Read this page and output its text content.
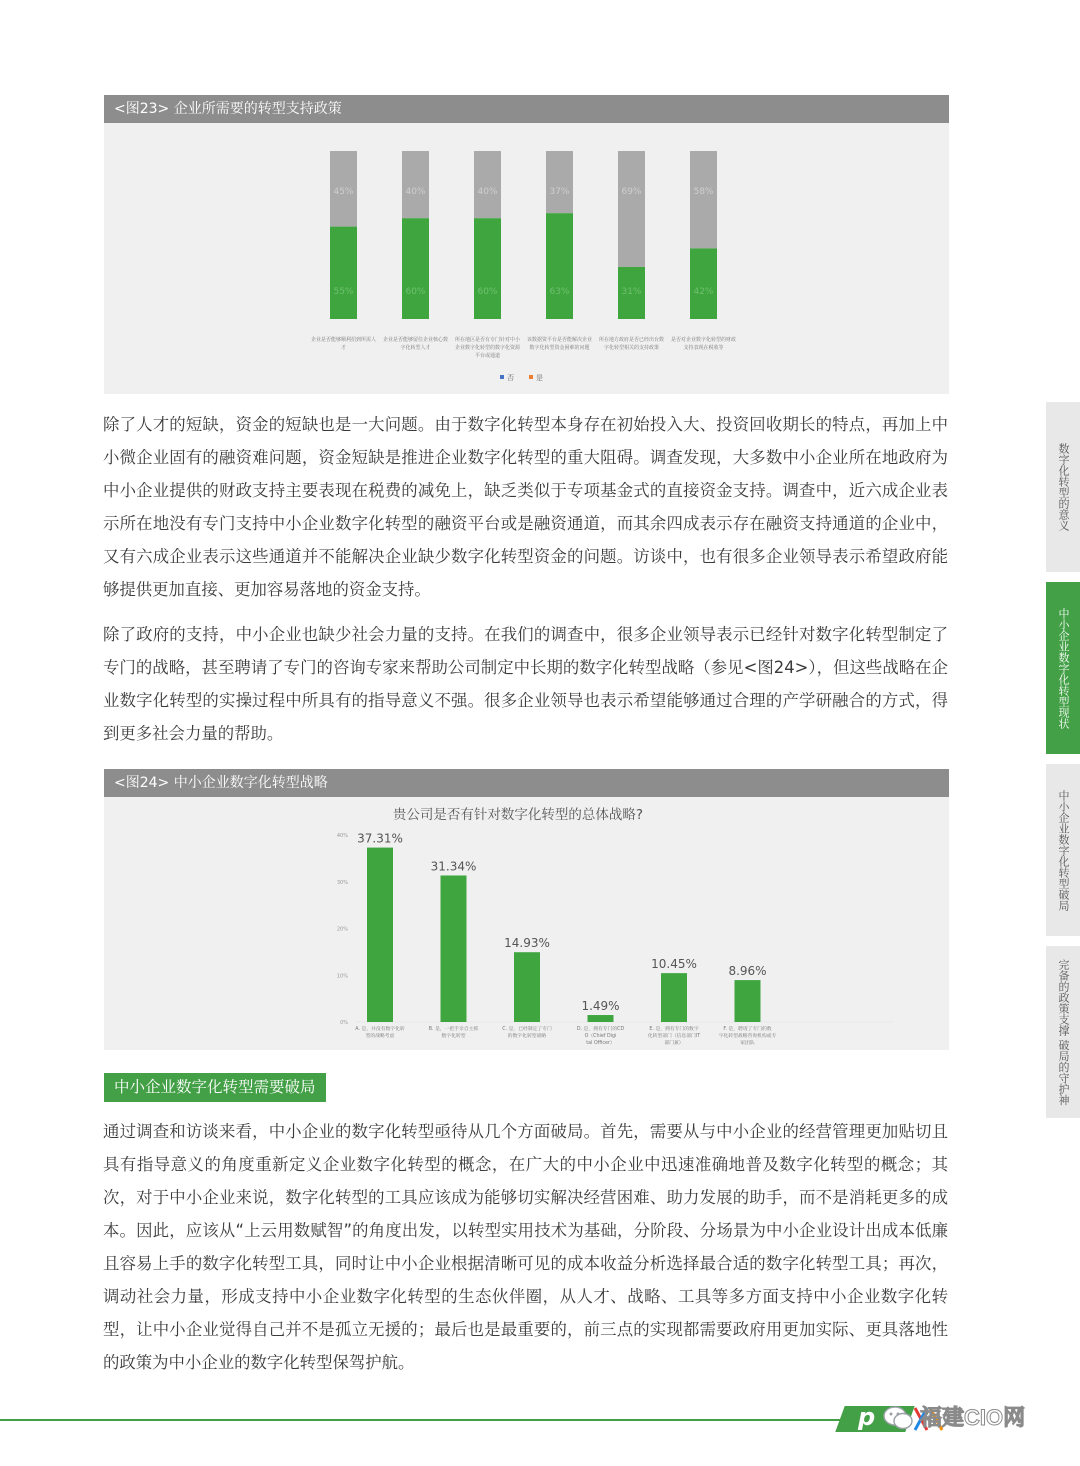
<图23> 企业所需要的转型支持政策
45%
55%
企业是否能够顺利招到所需人
才
40%
60%
企业是否能够留住企业核心数
字化转型人才
40%
60%
所在地区是否有专门针对中小
企业数字化转型的数字化资源
平台或通道
37%
63%
该数据资平台是否能解决企业
数字化转型资金困难的问题
69%
31%
所在地方政府是否已经出台数
字化转型相关的支持政策
58%
42%
是否对企业数字化转型的财政
支持表现在税收等
否	是

除了人才的短缺，资金的短缺也是一大问题。由于数字化转型本身存在初始投入大、投资回收期长的特点，再加上中小微企业固有的融资难问题，资金短缺是推进企业数字化转型的重大阻碍。调查发现，大多数中小企业所在地政府为中小企业提供的财政支持主要表现在税费的减免上，缺乏类似于专项基金式的直接资金支持。调查中，近六成企业表示所在地没有专门支持中小企业数字化转型的融资平台或是融资通道，而其余四成表示存在融资支持通道的企业中，又有六成企业表示这些通道并不能解决企业缺少数字化转型资金的问题。访谈中，也有很多企业领导表示希望政府能够提供更加直接、更加容易落地的资金支持。

除了政府的支持，中小企业也缺少社会力量的支持。在我们的调查中，很多企业领导表示已经针对数字化转型制定了专门的战略，甚至聘请了专门的咨询专家来帮助公司制定中长期的数字化转型战略（参见<图24>），但这些战略在企业数字化转型的实操过程中所具有的指导意义不强。很多企业领导也表示希望能够通过合理的产学研融合的方式，得到更多社会力量的帮助。

<图24> 中小企业数字化转型战略
贵公司是否有针对数字化转型的总体战略?
0%
10%
20%
30%
40% 37.31%
A. 是，并没有数字化转
型的战略考虑
31.34%
B. 是，一把手亲自主抓
数字化转型
14.93%
C. 是，已经制定了专门
的数字化转型战略
1.49%
D. 是，拥有专门的CD
O（Chief Digi
tal Officer）
10.45%
E. 是，拥有专门的数字
化转型部门（信息部门IT
部门兼）
8.96%
F. 是，聘请了专门的数
字化转型战略咨询机构或专
家团队
中小企业数字化转型需要破局

通过调查和访谈来看，中小企业的数字化转型亟待从几个方面破局。首先，需要从与中小企业的经营管理更加贴切且具有指导意义的角度重新定义企业数字化转型的概念，在广大的中小企业中迅速准确地普及数字化转型的概念；其次，对于中小企业来说，数字化转型的工具应该成为能够切实解决经营困难、助力发展的助手，而不是消耗更多的成本。因此，应该从“上云用数赋智”的角度出发，以转型实用技术为基础，分阶段、分场景为中小企业设计出成本低廉且容易上手的数字化转型工具，同时让中小企业根据清晰可见的成本收益分析选择最合适的数字化转型工具；再次，调动社会力量，形成支持中小企业数字化转型的生态伙伴圈，从人才、战略、工具等多方面支持中小企业数字化转型，让中小企业觉得自己并不是孤立无援的；最后也是最重要的，前三点的实现都需要政府用更加实际、更具落地性的政策为中小企业的数字化转型保驾护航。

数字化转型的意义
中小企业数字化转型现状
中小企业数字化转型破局
完备的政策支撑 破局的守护神
p 福建CIO网
